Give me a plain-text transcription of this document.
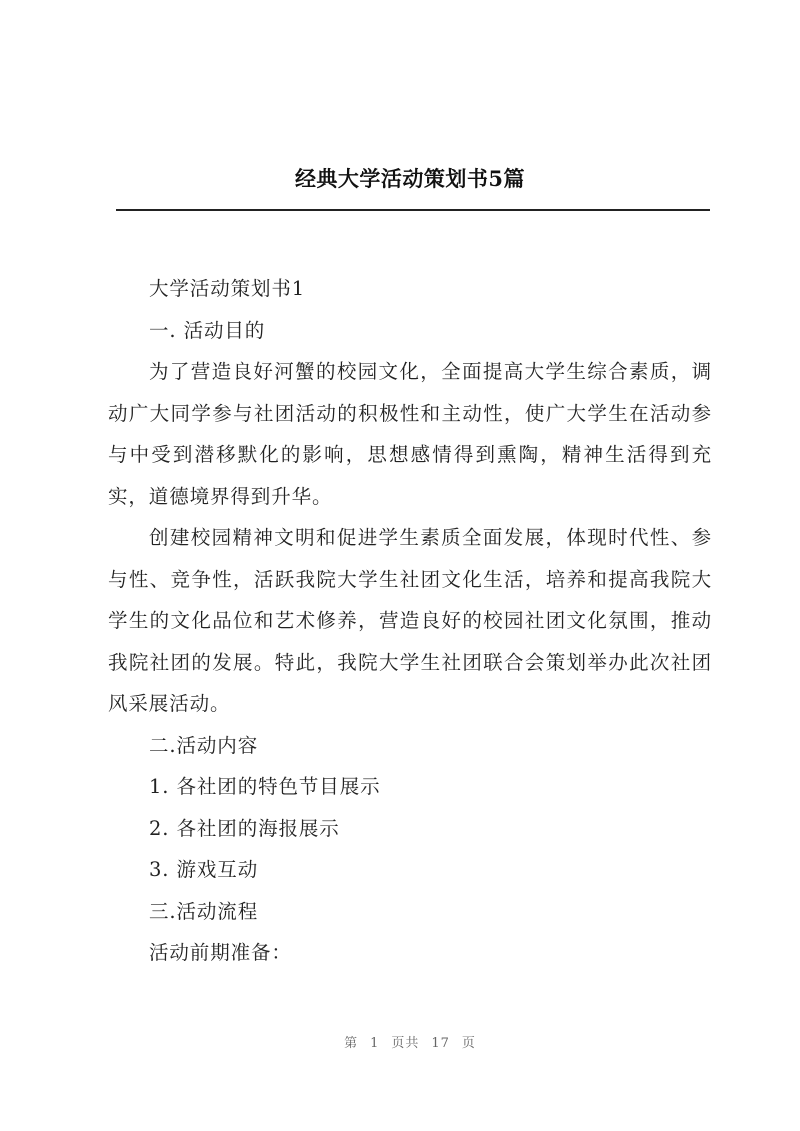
经典大学活动策划书5篇

大学活动策划书1

一. 活动目的

为了营造良好河蟹的校园文化，全面提高大学生综合素质，调动广大同学参与社团活动的积极性和主动性，使广大学生在活动参与中受到潜移默化的影响，思想感情得到熏陶，精神生活得到充实，道德境界得到升华。

创建校园精神文明和促进学生素质全面发展，体现时代性、参与性、竞争性，活跃我院大学生社团文化生活，培养和提高我院大学生的文化品位和艺术修养，营造良好的校园社团文化氛围，推动我院社团的发展。特此，我院大学生社团联合会策划举办此次社团风采展活动。

二.活动内容

1. 各社团的特色节目展示

2. 各社团的海报展示

3. 游戏互动

三.活动流程

活动前期准备：

第 1 页共 17 页
